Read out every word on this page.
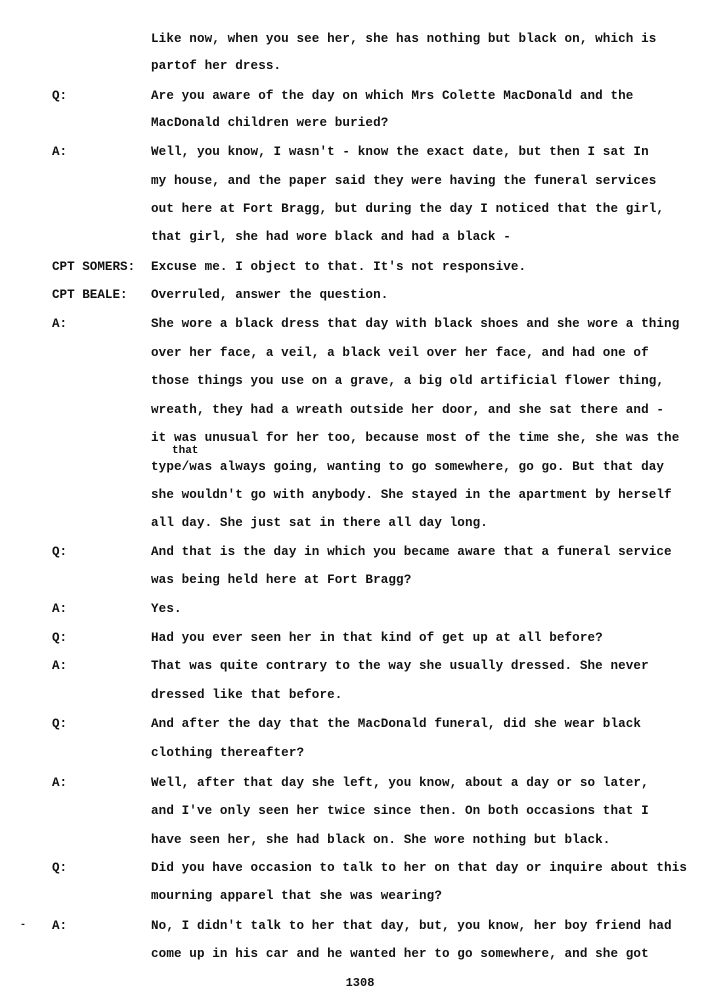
Like now, when you see her, she has nothing but black on, which is
partof her dress.
Q:	Are you aware of the day on which Mrs Colette MacDonald and the
MacDonald children were buried?
A:	Well, you know, I wasn't - know the exact date, but then I sat In
my house, and the paper said they were having the funeral services
out here at Fort Bragg, but during the day I noticed that the girl,
that girl, she had wore black and had a black -
CPT SOMERS: Excuse me. I object to that. It's not responsive.
CPT BEALE: Overruled, answer the question.
A:	She wore a black dress that day with black shoes and she wore a thing
over her face, a veil, a black veil over her face, and had one of
those things you use on a grave, a big old artificial flower thing,
wreath, they had a wreath outside her door, and she sat there and -
it was unusual for her too, because most of the time she, she was the
that
type/was always going, wanting to go somewhere, go go. But that day
she wouldn't go with anybody. She stayed in the apartment by herself
all day. She just sat in there all day long.
Q:	And that is the day in which you became aware that a funeral service
was being held here at Fort Bragg?
A:	Yes.
Q:	Had you ever seen her in that kind of get up at all before?
A:	That was quite contrary to the way she usually dressed. She never
dressed like that before.
Q:	And after the day that the MacDonald funeral, did she wear black
clothing thereafter?
A:	Well, after that day she left, you know, about a day or so later,
and I've only seen her twice since then. On both occasions that I
have seen her, she had black on. She wore nothing but black.
Q:	Did you have occasion to talk to her on that day or inquire about this
mourning apparel that she was wearing?
A:	No, I didn't talk to her that day, but, you know, her boy friend had
come up in his car and he wanted her to go somewhere, and she got
-
1308
